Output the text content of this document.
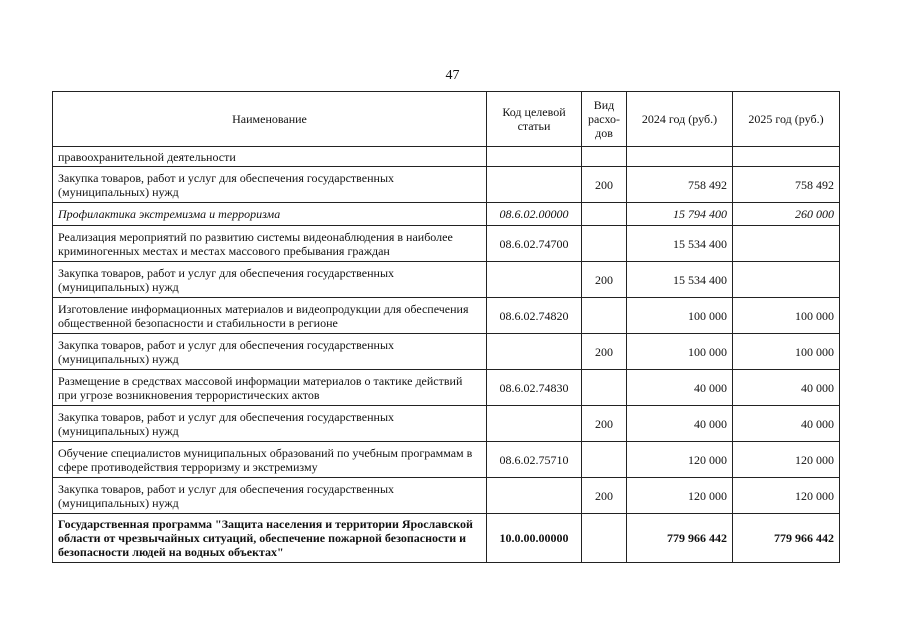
47
Наименование	Код целевой статьи	Вид расхо-дов	2024 год (руб.)	2025 год (руб.)
правоохранительной деятельности				
Закупка товаров, работ и услуг для обеспечения государственных (муниципальных) нужд		200	758 492	758 492
Профилактика экстремизма и терроризма	08.6.02.00000		15 794 400	260 000
Реализация мероприятий по развитию системы видеонаблюдения в наиболее криминогенных местах и местах массового пребывания граждан	08.6.02.74700		15 534 400	
Закупка товаров, работ и услуг для обеспечения государственных (муниципальных) нужд		200	15 534 400	
Изготовление информационных материалов и видеопродукции для обеспечения общественной безопасности и стабильности в регионе	08.6.02.74820		100 000	100 000
Закупка товаров, работ и услуг для обеспечения государственных (муниципальных) нужд		200	100 000	100 000
Размещение в средствах массовой информации материалов о тактике действий при угрозе возникновения террористических актов	08.6.02.74830		40 000	40 000
Закупка товаров, работ и услуг для обеспечения государственных (муниципальных) нужд		200	40 000	40 000
Обучение специалистов муниципальных образований по учебным программам в сфере противодействия терроризму и экстремизму	08.6.02.75710		120 000	120 000
Закупка товаров, работ и услуг для обеспечения государственных (муниципальных) нужд		200	120 000	120 000
Государственная программа "Защита населения и территории Ярославской области от чрезвычайных ситуаций, обеспечение пожарной безопасности и безопасности людей на водных объектах"	10.0.00.00000		779 966 442	779 966 442
